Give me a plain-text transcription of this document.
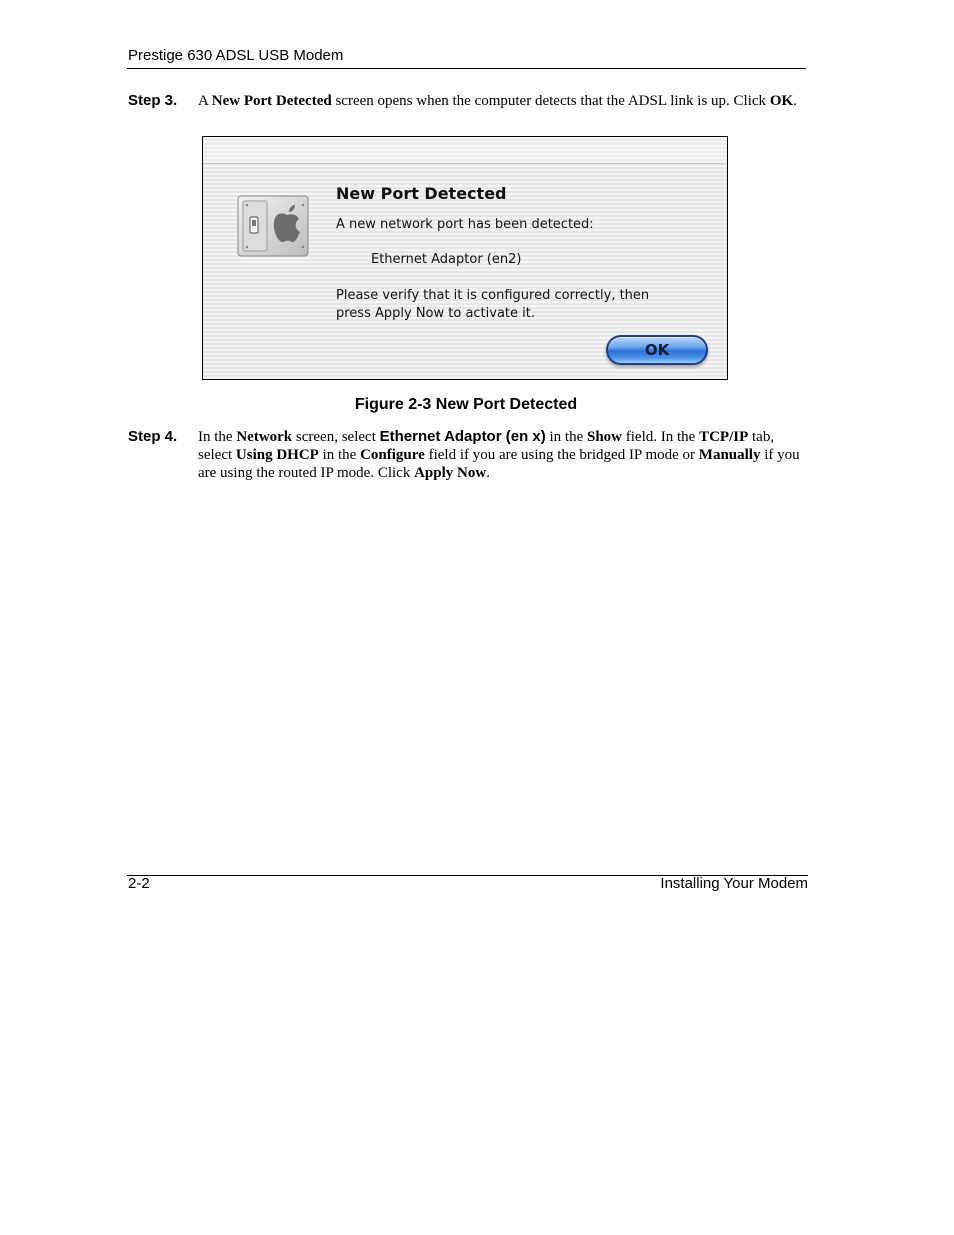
Prestige 630 ADSL USB Modem
Step 3. A New Port Detected screen opens when the computer detects that the ADSL link is up. Click OK.
New Port Detected
A new network port has been detected:
Ethernet Adaptor (en2)
Please verify that it is configured correctly, then
press Apply Now to activate it.
OK
Figure 2-3 New Port Detected
Step 4. In the Network screen, select Ethernet Adaptor (en x) in the Show field. In the TCP/IP tab, select Using DHCP in the Configure field if you are using the bridged IP mode or Manually if you are using the routed IP mode. Click Apply Now.
2-2	Installing Your Modem
